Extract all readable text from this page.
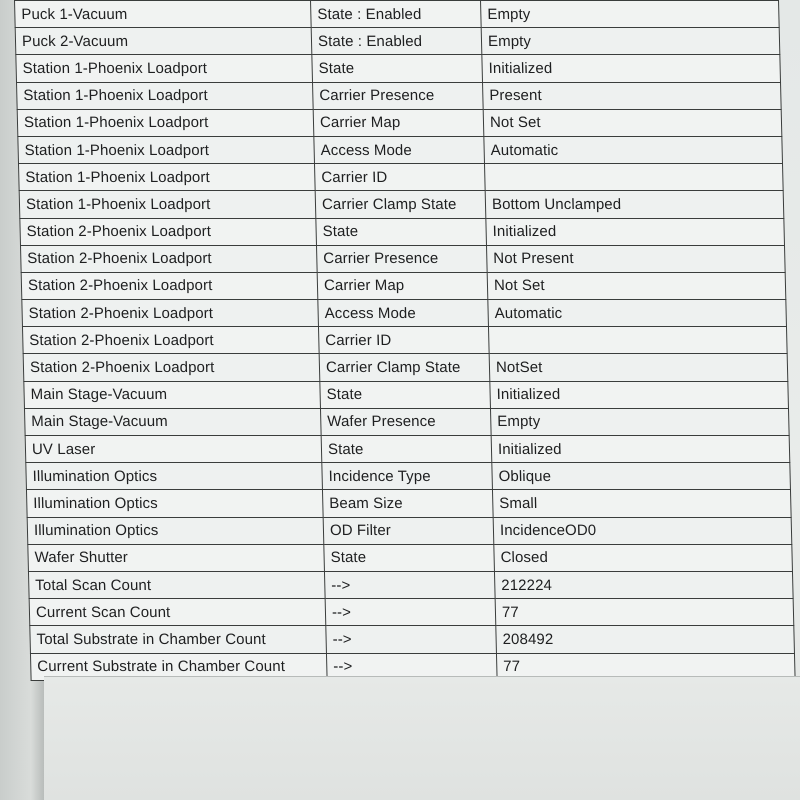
Puck 1-Vacuum	State : Enabled	Empty
Puck 2-Vacuum	State : Enabled	Empty
Station 1-Phoenix Loadport	State	Initialized
Station 1-Phoenix Loadport	Carrier Presence	Present
Station 1-Phoenix Loadport	Carrier Map	Not Set
Station 1-Phoenix Loadport	Access Mode	Automatic
Station 1-Phoenix Loadport	Carrier ID	
Station 1-Phoenix Loadport	Carrier Clamp State	Bottom Unclamped
Station 2-Phoenix Loadport	State	Initialized
Station 2-Phoenix Loadport	Carrier Presence	Not Present
Station 2-Phoenix Loadport	Carrier Map	Not Set
Station 2-Phoenix Loadport	Access Mode	Automatic
Station 2-Phoenix Loadport	Carrier ID	
Station 2-Phoenix Loadport	Carrier Clamp State	NotSet
Main Stage-Vacuum	State	Initialized
Main Stage-Vacuum	Wafer Presence	Empty
UV Laser	State	Initialized
Illumination Optics	Incidence Type	Oblique
Illumination Optics	Beam Size	Small
Illumination Optics	OD Filter	IncidenceOD0
Wafer Shutter	State	Closed
Total Scan Count	-->	212224
Current Scan Count	-->	77
Total Substrate in Chamber Count	-->	208492
Current Substrate in Chamber Count	-->	77
